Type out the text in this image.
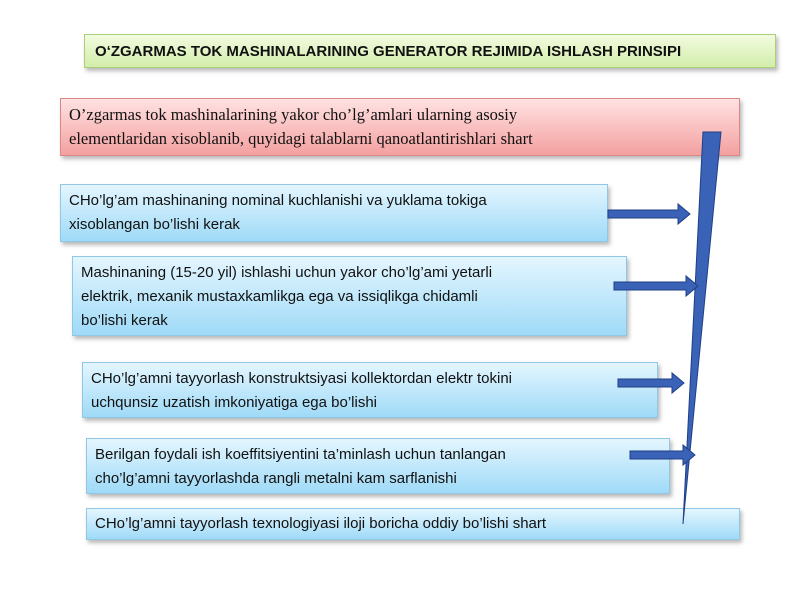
O‘ZGARMAS TOK MASHINALARINING GENERATOR REJIMIDA ISHLASH PRINSIPI
O’zgarmas tok mashinalarining yakor cho’lg’amlari ularning asosiy
elementlaridan xisoblanib, quyidagi talablarni qanoatlantirishlari shart
CHo’lg’am mashinaning nominal kuchlanishi va yuklama tokiga
xisoblangan bo’lishi kerak
Mashinaning (15-20 yil) ishlashi uchun yakor cho’lg’ami yetarli
elektrik, mexanik mustaxkamlikga ega va issiqlikga chidamli
bo’lishi kerak
CHo’lg’amni tayyorlash konstruktsiyasi kollektordan elektr tokini
uchqunsiz uzatish imkoniyatiga ega bo’lishi
Berilgan foydali ish koeffitsiyentini ta’minlash uchun tanlangan
cho’lg’amni tayyorlashda rangli metalni kam sarflanishi
CHo’lg’amni tayyorlash texnologiyasi iloji boricha oddiy bo’lishi shart
